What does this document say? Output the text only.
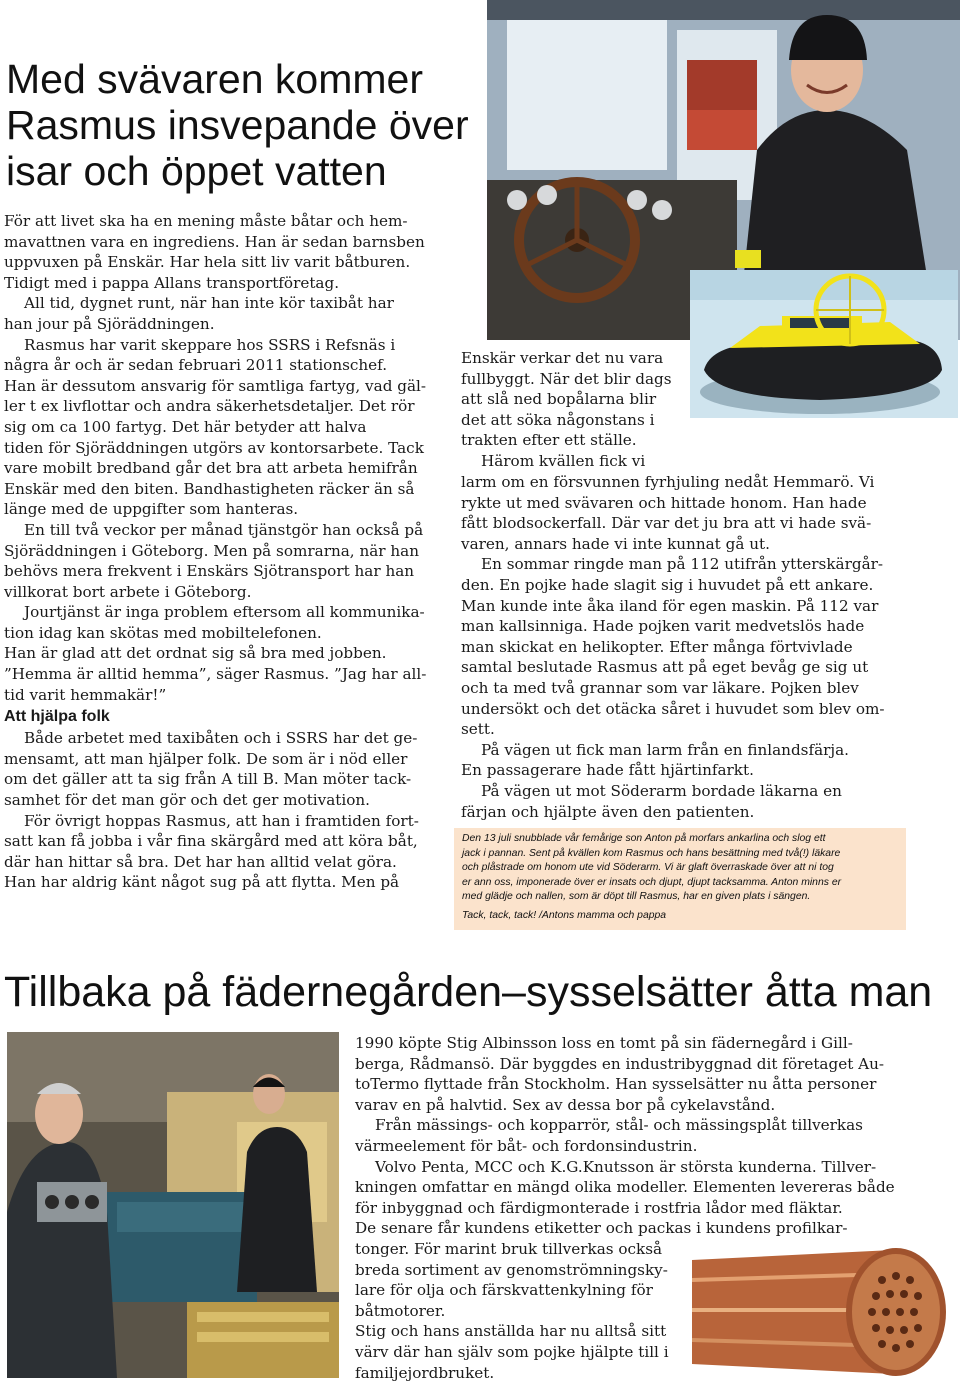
Med svävaren kommer
Rasmus insvepande över
isar och öppet vatten

För att livet ska ha en mening måste båtar och hem-

mavattnen vara en ingrediens. Han är sedan barnsben

uppvuxen på Enskär. Har hela sitt liv varit båtburen.

Tidigt med i pappa Allans transportföretag.

All tid, dygnet runt, när han inte kör taxibåt har

han jour på Sjöräddningen.

Rasmus har varit skeppare hos SSRS i Refsnäs i

några år och är sedan februari 2011 stationschef.

Han är dessutom ansvarig för samtliga fartyg, vad gäl-

ler t ex livflottar och andra säkerhetsdetaljer. Det rör

sig om ca 100 fartyg. Det här betyder att halva

tiden för Sjöräddningen utgörs av kontorsarbete. Tack

vare mobilt bredband går det bra att arbeta hemifrån

Enskär med den biten. Bandhastigheten räcker än så

länge med de uppgifter som hanteras.

En till två veckor per månad tjänstgör han också på

Sjöräddningen i Göteborg. Men på somrarna, när han

behövs mera frekvent i Enskärs Sjötransport har han

villkorat bort arbete i Göteborg.

Jourtjänst är inga problem eftersom all kommunika-

tion idag kan skötas med mobiltelefonen.

Han är glad att det ordnat sig så bra med jobben.

”Hemma är alltid hemma”, säger Rasmus. ”Jag har all-

tid varit hemmakär!”

Att hjälpa folk

Både arbetet med taxibåten och i SSRS har det ge-

mensamt, att man hjälper folk. De som är i nöd eller

om det gäller att ta sig från A till B. Man möter tack-

samhet för det man gör och det ger motivation.

För övrigt hoppas Rasmus, att han i framtiden fort-

satt kan få jobba i vår fina skärgård med att köra båt,

där han hittar så bra. Det har han alltid velat göra.

Han har aldrig känt något sug på att flytta. Men på

Enskär verkar det nu vara

fullbyggt. När det blir dags

att slå ned bopålarna blir

det att söka någonstans i

trakten efter ett ställe.

Härom kvällen fick vi

larm om en försvunnen fyrhjuling nedåt Hemmarö. Vi

rykte ut med svävaren och hittade honom. Han hade

fått blodsockerfall. Där var det ju bra att vi hade svä-

varen, annars hade vi inte kunnat gå ut.

En sommar ringde man på 112 utifrån ytterskärgår-

den. En pojke hade slagit sig i huvudet på ett ankare.

Man kunde inte åka iland för egen maskin. På 112 var

man kallsinniga. Hade pojken varit medvetslös hade

man skickat en helikopter. Efter många förtvivlade

samtal beslutade Rasmus att på eget bevåg ge sig ut

och ta med två grannar som var läkare. Pojken blev

undersökt och det otäcka såret i huvudet som blev om-

sett.

På vägen ut fick man larm från en finlandsfärja.

En passagerare hade fått hjärtinfarkt.

På vägen ut mot Söderarm bordade läkarna en

färjan och hjälpte även den patienten.

Den 13 juli snubblade vår femårige son Anton på morfars ankarlina och slog ett

jack i pannan. Sent på kvällen kom Rasmus och hans besättning med två(!) läkare

och plåstrade om honom ute vid Söderarm. Vi är glaft överraskade över att ni tog

er ann oss, imponerade över er insats och djupt, djupt tacksamma. Anton minns er

med glädje och nallen, som är döpt till Rasmus, har en given plats i sängen.

Tack, tack, tack! /Antons mamma och pappa

Tillbaka på fädernegården–sysselsätter åtta man

1990 köpte Stig Albinsson loss en tomt på sin fädernegård i Gill-

berga, Rådmansö. Där byggdes en industribyggnad dit företaget Au-

toTermo flyttade från Stockholm. Han sysselsätter nu åtta personer

varav en på halvtid. Sex av dessa bor på cykelavstånd.

Från mässings- och kopparrör, stål- och mässingsplåt tillverkas

värmeelement för båt- och fordonsindustrin.

Volvo Penta, MCC och K.G.Knutsson är största kunderna. Tillver-

kningen omfattar en mängd olika modeller. Elementen levereras både

för inbyggnad och färdigmonterade i rostfria lådor med fläktar.

De senare får kundens etiketter och packas i kundens profilkar-

tonger. För marint bruk tillverkas också

breda sortiment av genomströmningsky-

lare för olja och färskvattenkylning för

båtmotorer.

Stig och hans anställda har nu alltså sitt

värv där han själv som pojke hjälpte till i

familjejordbruket.
